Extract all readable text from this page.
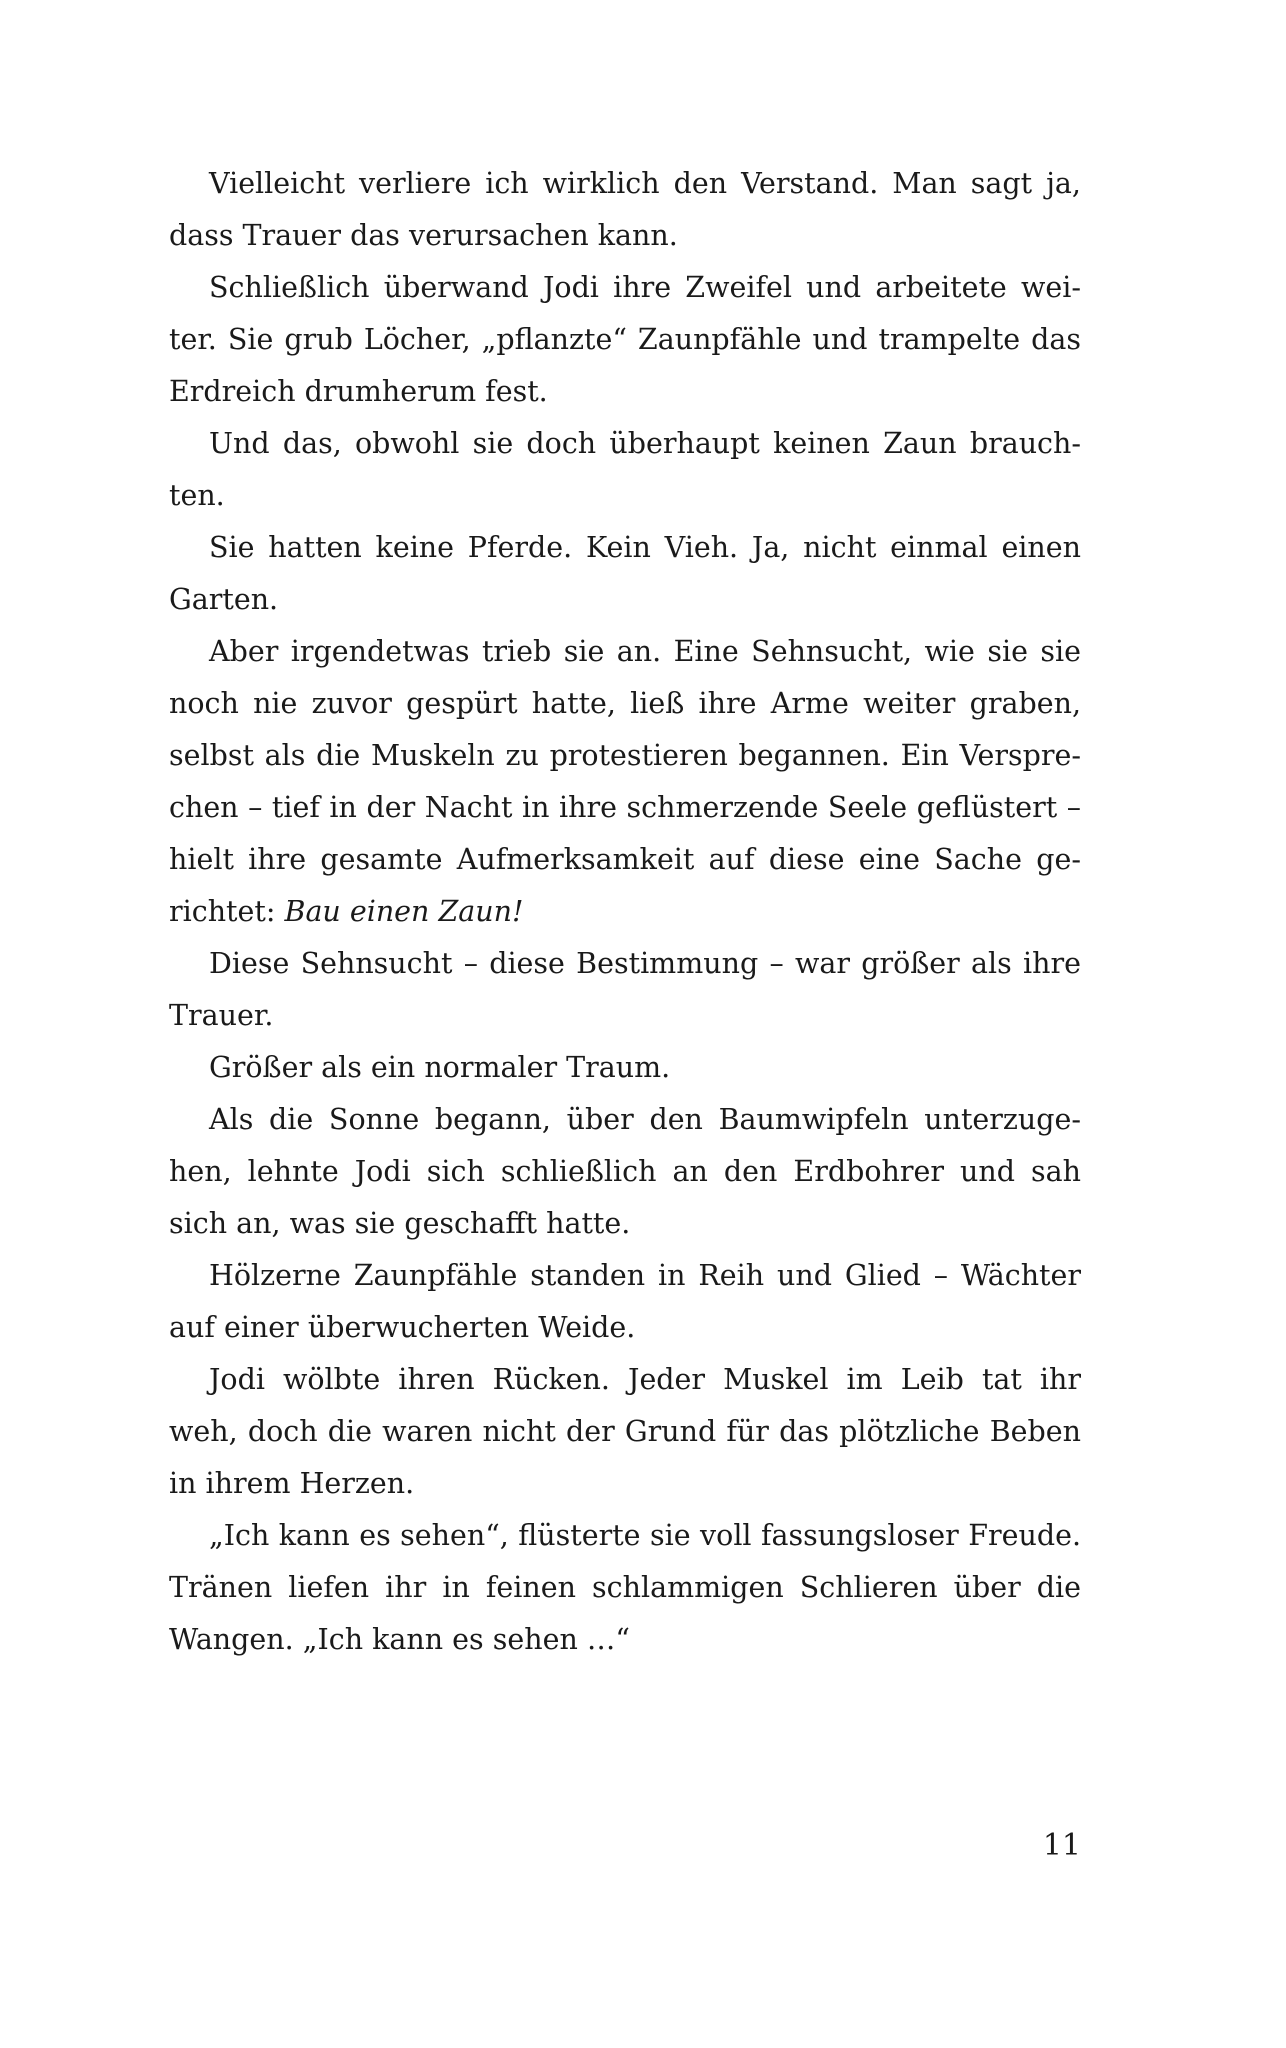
Vielleicht verliere ich wirklich den Verstand. Man sagt ja,
dass Trauer das verursachen kann.
Schließlich überwand Jodi ihre Zweifel und arbeitete wei-
ter. Sie grub Löcher, „pflanzte“ Zaunpfähle und trampelte das
Erdreich drumherum fest.
Und das, obwohl sie doch überhaupt keinen Zaun brauch-
ten.
Sie hatten keine Pferde. Kein Vieh. Ja, nicht einmal einen
Garten.
Aber irgendetwas trieb sie an. Eine Sehnsucht, wie sie sie
noch nie zuvor gespürt hatte, ließ ihre Arme weiter graben,
selbst als die Muskeln zu protestieren begannen. Ein Verspre-
chen – tief in der Nacht in ihre schmerzende Seele geflüstert –
hielt ihre gesamte Aufmerksamkeit auf diese eine Sache ge-
richtet: Bau einen Zaun!
Diese Sehnsucht – diese Bestimmung – war größer als ihre
Trauer.
Größer als ein normaler Traum.
Als die Sonne begann, über den Baumwipfeln unterzuge-
hen, lehnte Jodi sich schließlich an den Erdbohrer und sah
sich an, was sie geschafft hatte.
Hölzerne Zaunpfähle standen in Reih und Glied – Wächter
auf einer überwucherten Weide.
Jodi wölbte ihren Rücken. Jeder Muskel im Leib tat ihr
weh, doch die waren nicht der Grund für das plötzliche Beben
in ihrem Herzen.
„Ich kann es sehen“, flüsterte sie voll fassungsloser Freude.
Tränen liefen ihr in feinen schlammigen Schlieren über die
Wangen. „Ich kann es sehen …“
11
